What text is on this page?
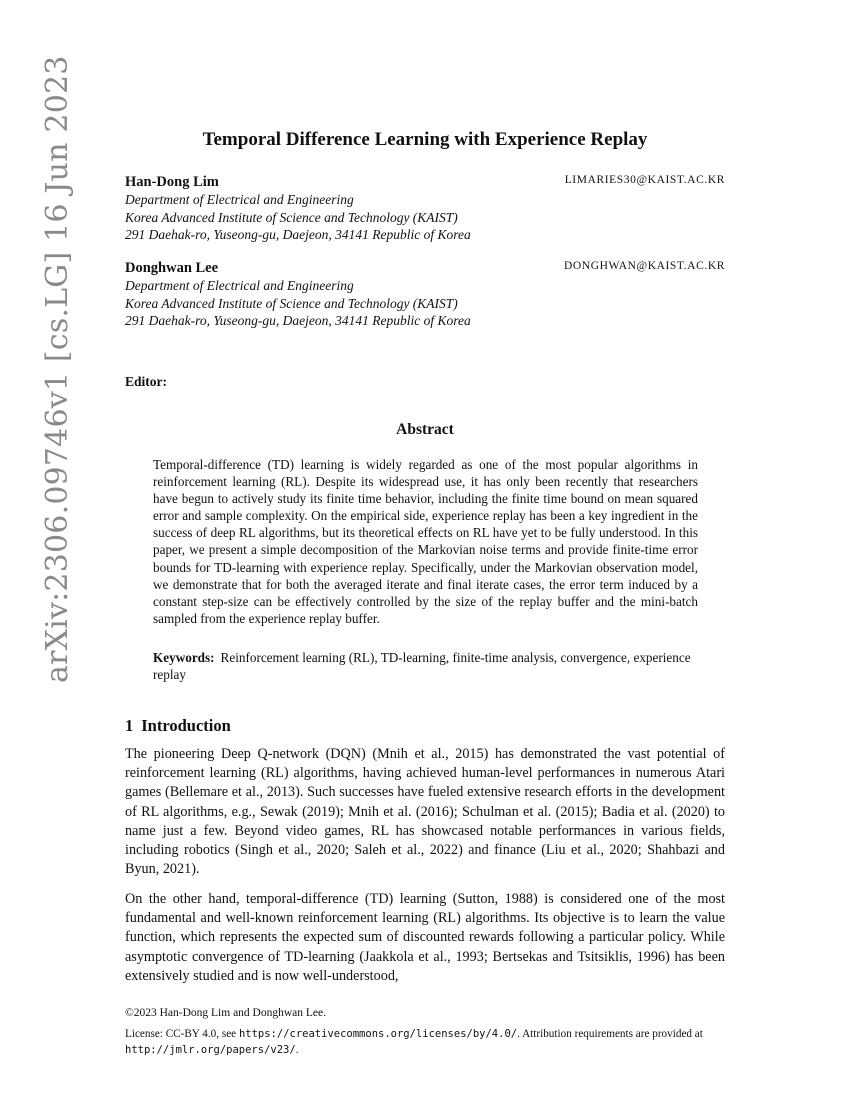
arXiv:2306.09746v1 [cs.LG] 16 Jun 2023	Temporal Difference Learning with Experience Replay
Han-Dong Lim	LIMARIES30@KAIST.AC.KR
Department of Electrical and Engineering
Korea Advanced Institute of Science and Technology (KAIST)
291 Daehak-ro, Yuseong-gu, Daejeon, 34141 Republic of Korea
Donghwan Lee	DONGHWAN@KAIST.AC.KR
Department of Electrical and Engineering
Korea Advanced Institute of Science and Technology (KAIST)
291 Daehak-ro, Yuseong-gu, Daejeon, 34141 Republic of Korea
Editor:
Abstract
Temporal-difference (TD) learning is widely regarded as one of the most popular algorithms in reinforcement learning (RL). Despite its widespread use, it has only been recently that researchers have begun to actively study its finite time behavior, including the finite time bound on mean squared error and sample complexity. On the empirical side, experience replay has been a key ingredient in the success of deep RL algorithms, but its theoretical effects on RL have yet to be fully understood. In this paper, we present a simple decomposition of the Markovian noise terms and provide finite-time error bounds for TD-learning with experience replay. Specifically, under the Markovian observation model, we demonstrate that for both the averaged iterate and final iterate cases, the error term induced by a constant step-size can be effectively controlled by the size of the replay buffer and the mini-batch sampled from the experience replay buffer.
Keywords: Reinforcement learning (RL), TD-learning, finite-time analysis, convergence, experience replay
1 Introduction
The pioneering Deep Q-network (DQN) (Mnih et al., 2015) has demonstrated the vast potential of reinforcement learning (RL) algorithms, having achieved human-level performances in numerous Atari games (Bellemare et al., 2013). Such successes have fueled extensive research efforts in the development of RL algorithms, e.g., Sewak (2019); Mnih et al. (2016); Schulman et al. (2015); Badia et al. (2020) to name just a few. Beyond video games, RL has showcased notable performances in various fields, including robotics (Singh et al., 2020; Saleh et al., 2022) and finance (Liu et al., 2020; Shahbazi and Byun, 2021).
On the other hand, temporal-difference (TD) learning (Sutton, 1988) is considered one of the most fundamental and well-known reinforcement learning (RL) algorithms. Its objective is to learn the value function, which represents the expected sum of discounted rewards following a particular policy. While asymptotic convergence of TD-learning (Jaakkola et al., 1993; Bertsekas and Tsitsiklis, 1996) has been extensively studied and is now well-understood,
©2023 Han-Dong Lim and Donghwan Lee.
License: CC-BY 4.0, see https://creativecommons.org/licenses/by/4.0/. Attribution requirements are provided at http://jmlr.org/papers/v23/.
